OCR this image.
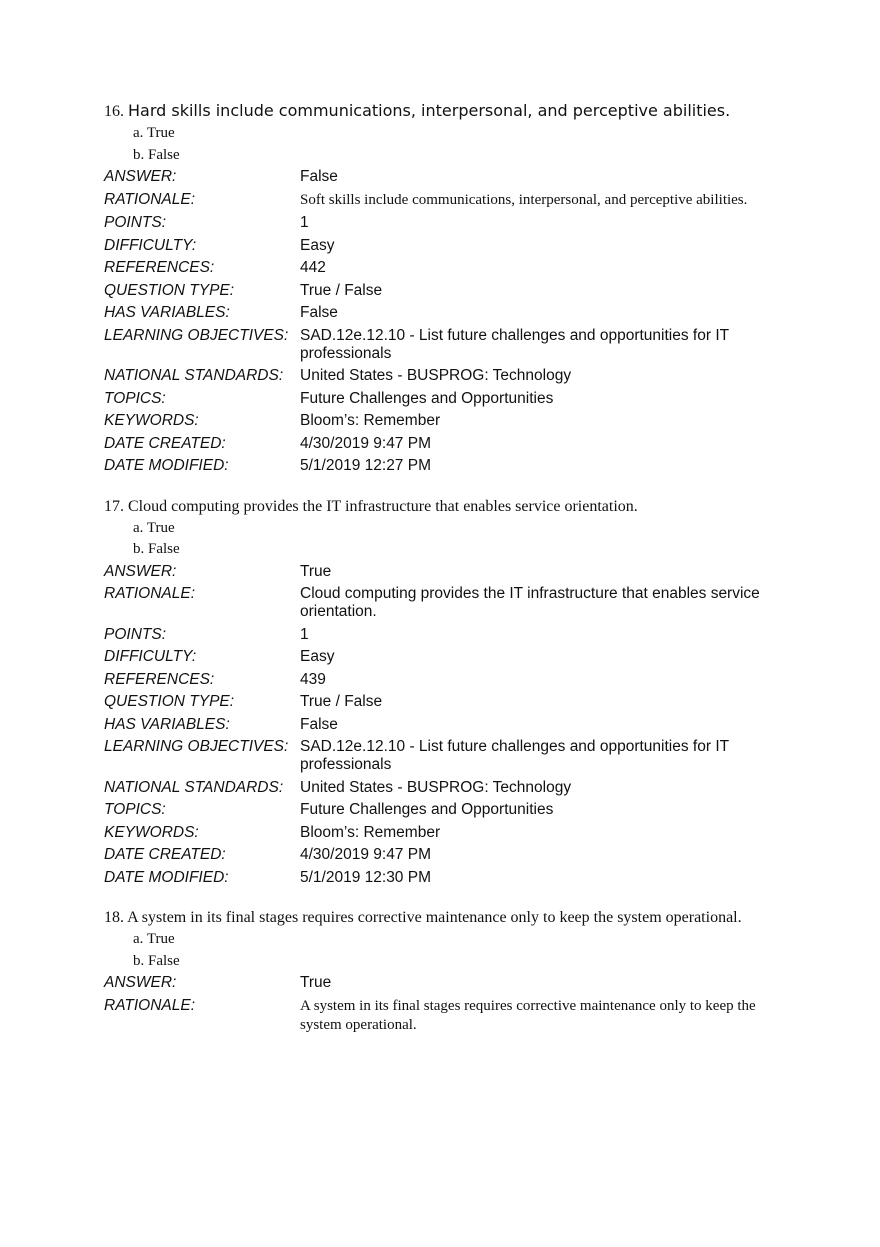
16. Hard skills include communications, interpersonal, and perceptive abilities.
a. True
b. False
ANSWER:	False
RATIONALE:	Soft skills include communications, interpersonal, and perceptive abilities.
POINTS:	1
DIFFICULTY:	Easy
REFERENCES:	442
QUESTION TYPE:	True / False
HAS VARIABLES:	False
LEARNING OBJECTIVES:	SAD.12e.12.10 - List future challenges and opportunities for IT professionals
NATIONAL STANDARDS:	United States - BUSPROG: Technology
TOPICS:	Future Challenges and Opportunities
KEYWORDS:	Bloom’s: Remember
DATE CREATED:	4/30/2019 9:47 PM
DATE MODIFIED:	5/1/2019 12:27 PM
17. Cloud computing provides the IT infrastructure that enables service orientation.
a. True
b. False
ANSWER:	True
RATIONALE:	Cloud computing provides the IT infrastructure that enables service orientation.
POINTS:	1
DIFFICULTY:	Easy
REFERENCES:	439
QUESTION TYPE:	True / False
HAS VARIABLES:	False
LEARNING OBJECTIVES:	SAD.12e.12.10 - List future challenges and opportunities for IT professionals
NATIONAL STANDARDS:	United States - BUSPROG: Technology
TOPICS:	Future Challenges and Opportunities
KEYWORDS:	Bloom’s: Remember
DATE CREATED:	4/30/2019 9:47 PM
DATE MODIFIED:	5/1/2019 12:30 PM
18. A system in its final stages requires corrective maintenance only to keep the system operational.
a. True
b. False
ANSWER:	True
RATIONALE:	A system in its final stages requires corrective maintenance only to keep the system operational.
